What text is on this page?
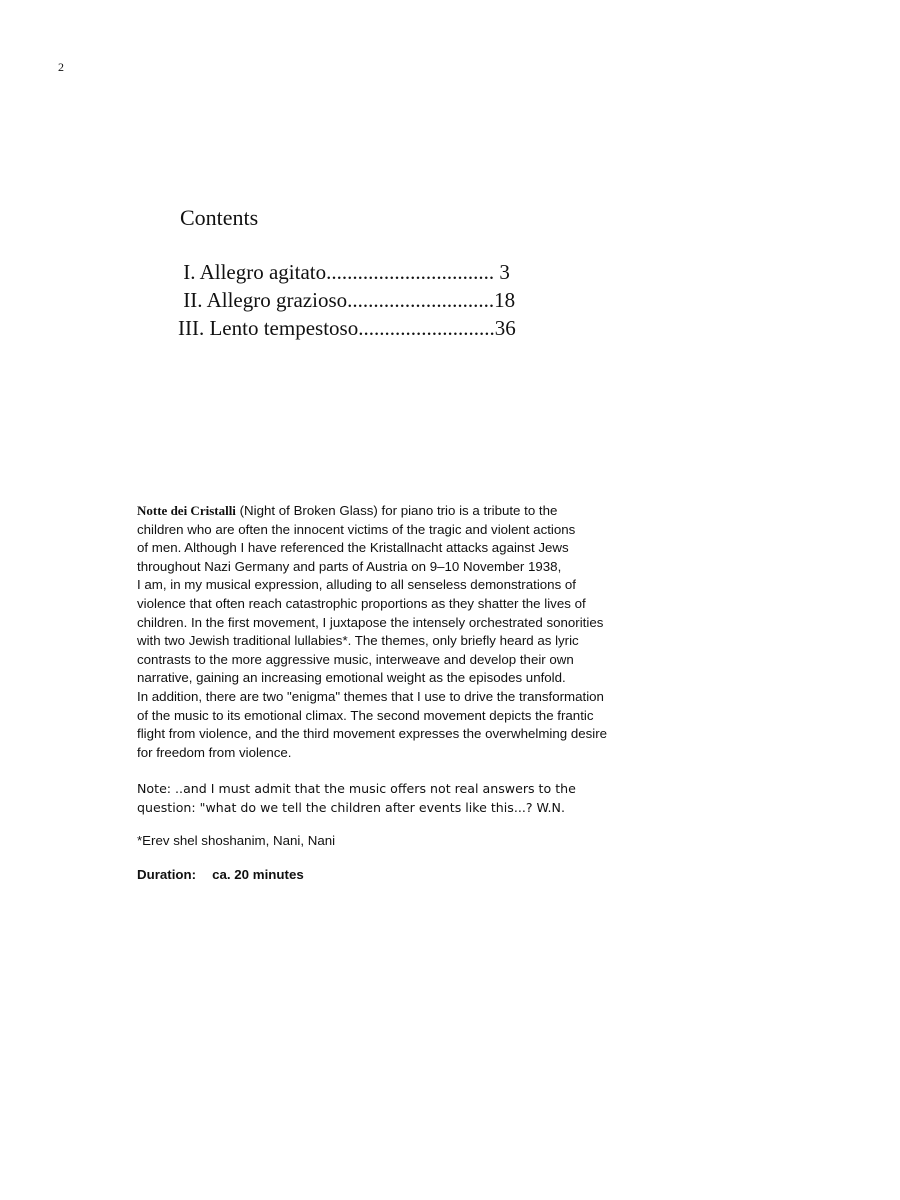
2
Contents
I. Allegro agitato................................ 3
II. Allegro grazioso............................18
III. Lento tempestoso..........................36

Notte dei Cristalli (Night of Broken Glass) for piano trio is a tribute to the
children who are often the innocent victims of the tragic and violent actions
of men. Although I have referenced the Kristallnacht attacks against Jews
throughout Nazi Germany and parts of Austria on 9–10 November 1938,
I am, in my musical expression, alluding to all senseless demonstrations of
violence that often reach catastrophic proportions as they shatter the lives of
children. In the first movement, I juxtapose the intensely orchestrated sonorities
with two Jewish traditional lullabies*. The themes, only briefly heard as lyric
contrasts to the more aggressive music, interweave and develop their own
narrative, gaining an increasing emotional weight as the episodes unfold.
In addition, there are two "enigma" themes that I use to drive the transformation
of the music to its emotional climax. The second movement depicts the frantic
flight from violence, and the third movement expresses the overwhelming desire
for freedom from violence.

Note: ..and I must admit that the music offers not real answers to the
question: "what do we tell the children after events like this...? W.N.

*Erev shel shoshanim, Nani, Nani

Duration: ca. 20 minutes
